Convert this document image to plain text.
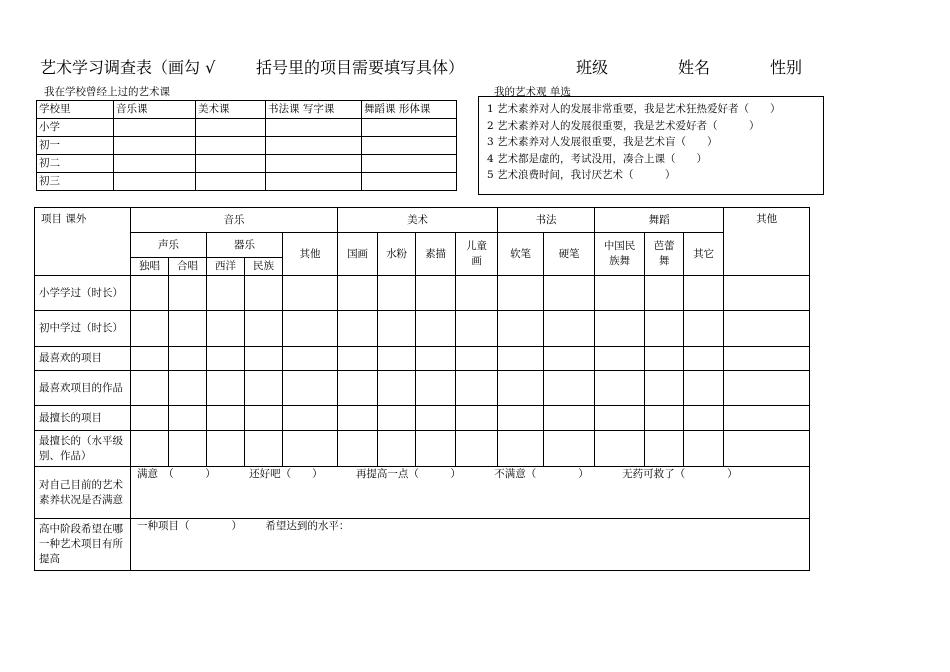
艺术学习调查表（画勾 √	括号里的项目需要填写具体）	班级	姓名	性别
我在学校曾经上过的艺术课
学校里	音乐课	美术课	书法课 写字课	舞蹈课 形体课
小学				
初一				
初二				
初三				
我的艺术观 单选
1 艺术素养对人的发展非常重要，我是艺术狂热爱好者（　　）
2 艺术素养对人的发展很重要，我是艺术爱好者（　　　）
3 艺术素养对人发展很重要，我是艺术盲（　　）
4 艺术都是虚的，考试没用，凑合上课（　　）
5 艺术浪费时间，我讨厌艺术（　　　）
项目 课外	音乐					美术				书法		舞蹈			其他
	声乐		器乐		其他	国画	水粉	素描	儿童画	软笔	硬笔	中国民族舞	芭蕾舞	其它	
	独唱	合唱	西洋	民族											
小学学过（时长）															
初中学过（时长）															
最喜欢的项目															
最喜欢项目的作品															
最擅长的项目															
最擅长的（水平级别、作品）															
对自己目前的艺术素养状况是否满意	满意　（　　　） 还好吧（　　） 再提高一点（　　　） 不满意（　　　　） 无药可救了（　　　　）														
高中阶段希望在哪一种艺术项目有所提高	一种项目（　　　　） 希望达到的水平：														
